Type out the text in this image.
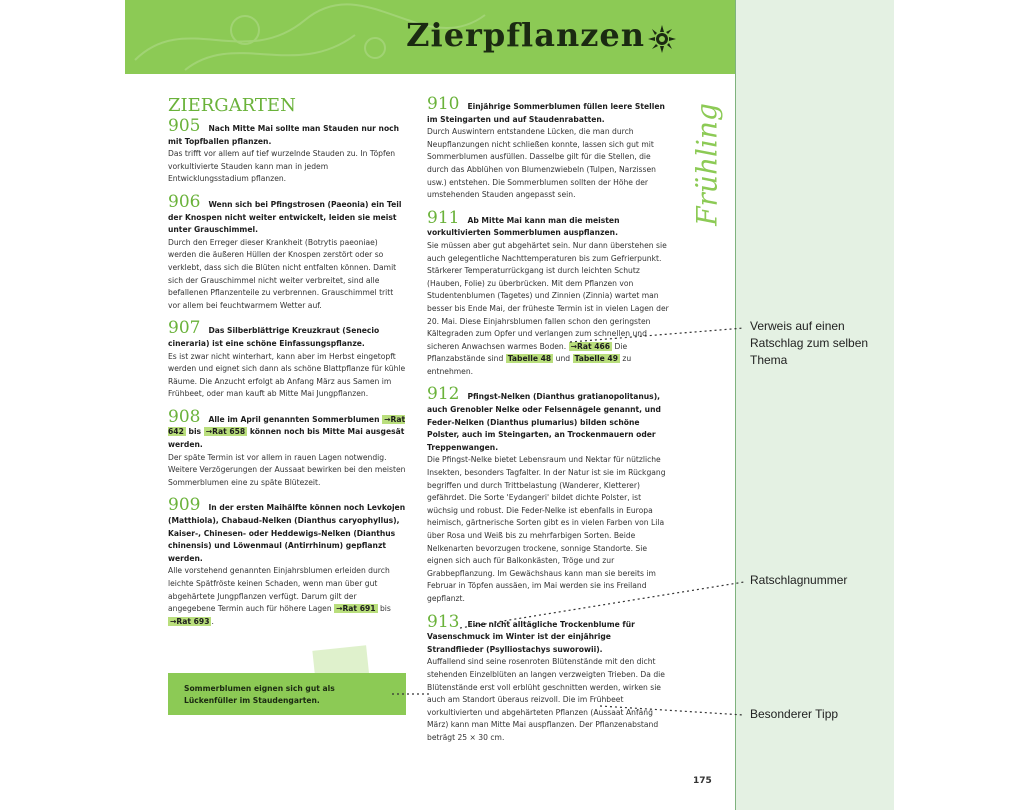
Zierpflanzen
175
Frühling
ZIERGARTEN
905 Nach Mitte Mai sollte man Stauden nur noch mit Topfballen pflanzen.
Das trifft vor allem auf tief wurzelnde Stauden zu. In Töpfen vorkultivierte Stauden kann man in jedem Entwicklungsstadium pflanzen.
906 Wenn sich bei Pfingstrosen (Paeonia) ein Teil der Knospen nicht weiter entwickelt, leiden sie meist unter Grauschimmel.
Durch den Erreger dieser Krankheit (Botrytis paeoniae) werden die äußeren Hüllen der Knospen zerstört oder so verklebt, dass sich die Blüten nicht entfalten können. Damit sich der Grauschimmel nicht weiter verbreitet, sind alle befallenen Pflanzenteile zu verbrennen. Grauschimmel tritt vor allem bei feuchtwarmem Wetter auf.
907 Das Silberblättrige Kreuzkraut (Senecio cineraria) ist eine schöne Einfassungspflanze.
Es ist zwar nicht winterhart, kann aber im Herbst eingetopft werden und eignet sich dann als schöne Blattpflanze für kühle Räume. Die Anzucht erfolgt ab Anfang März aus Samen im Frühbeet, oder man kauft ab Mitte Mai Jungpflanzen.
908 Alle im April genannten Sommerblumen → Rat 642 bis → Rat 658 können noch bis Mitte Mai ausgesät werden.
Der späte Termin ist vor allem in rauen Lagen notwendig. Weitere Verzögerungen der Aussaat bewirken bei den meisten Sommerblumen eine zu späte Blütezeit.
909 In der ersten Maihälfte können noch Levkojen (Matthiola), Chabaud-Nelken (Dianthus caryophyllus), Kaiser-, Chinesen- oder Heddewigs-Nelken (Dianthus chinensis) und Löwenmaul (Antirrhinum) gepflanzt werden.
Alle vorstehend genannten Einjahrsblumen erleiden durch leichte Spätfröste keinen Schaden, wenn man über gut abgehärtete Jungpflanzen verfügt. Darum gilt der angegebene Termin auch für höhere Lagen → Rat 691 bis → Rat 693 .

Sommerblumen eignen sich gut als Lückenfüller im Staudengarten.

910 Einjährige Sommerblumen füllen leere Stellen im Steingarten und auf Staudenrabatten.
Durch Auswintern entstandene Lücken, die man durch Neupflanzungen nicht schließen konnte, lassen sich gut mit Sommerblumen ausfüllen. Dasselbe gilt für die Stellen, die durch das Abblühen von Blumenzwiebeln (Tulpen, Narzissen usw.) entstehen. Die Sommerblumen sollten der Höhe der umstehenden Stauden angepasst sein.
911 Ab Mitte Mai kann man die meisten vorkultivierten Sommerblumen auspflanzen.
Sie müssen aber gut abgehärtet sein. Nur dann überstehen sie auch gelegentliche Nachttemperaturen bis zum Gefrierpunkt. Stärkerer Temperaturrückgang ist durch leichten Schutz (Hauben, Folie) zu überbrücken. Mit dem Pflanzen von Studentenblumen (Tagetes) und Zinnien (Zinnia) wartet man besser bis Ende Mai, der früheste Termin ist in vielen Lagen der 20. Mai. Diese Einjahrsblumen fallen schon den geringsten Kältegraden zum Opfer und verlangen zum schnellen und sicheren Anwachsen warmes Boden. → Rat 466 Die Pflanzabstände sind Tabelle 48 und Tabelle 49 zu entnehmen.
912 Pfingst-Nelken (Dianthus gratianopolitanus), auch Grenobler Nelke oder Felsennägele genannt, und Feder-Nelken (Dianthus plumarius) bilden schöne Polster, auch im Steingarten, an Trockenmauern oder Treppenwangen.
Die Pfingst-Nelke bietet Lebensraum und Nektar für nützliche Insekten, besonders Tagfalter. In der Natur ist sie im Rückgang begriffen und durch Trittbelastung (Wanderer, Kletterer) gefährdet. Die Sorte 'Eydangeri' bildet dichte Polster, ist wüchsig und robust. Die Feder-Nelke ist ebenfalls in Europa heimisch, gärtnerische Sorten gibt es in vielen Farben von Lila über Rosa und Weiß bis zu mehrfarbigen Sorten. Beide Nelkenarten bevorzugen trockene, sonnige Standorte. Sie eignen sich auch für Balkonkästen, Tröge und zur Grabbepflanzung. Im Gewächshaus kann man sie bereits im Februar in Töpfen aussäen, im Mai werden sie ins Freiland gepflanzt.
913 Eine nicht alltägliche Trockenblume für Vasenschmuck im Winter ist der einjährige Strandflieder (Psylliostachys suworowii).
Auffallend sind seine rosenroten Blütenstände mit den dicht stehenden Einzelblüten an langen verzweigten Trieben. Da die Blütenstände erst voll erblüht geschnitten werden, wirken sie auch am Standort überaus reizvoll. Die im Frühbeet vorkultivierten und abgehärteten Pflanzen (Aussaat Anfang März) kann man Mitte Mai auspflanzen. Der Pflanzenabstand beträgt 25 × 30 cm.
Verweis auf einen Ratschlag zum selben Thema
Ratschlagnummer
Besonderer Tipp
